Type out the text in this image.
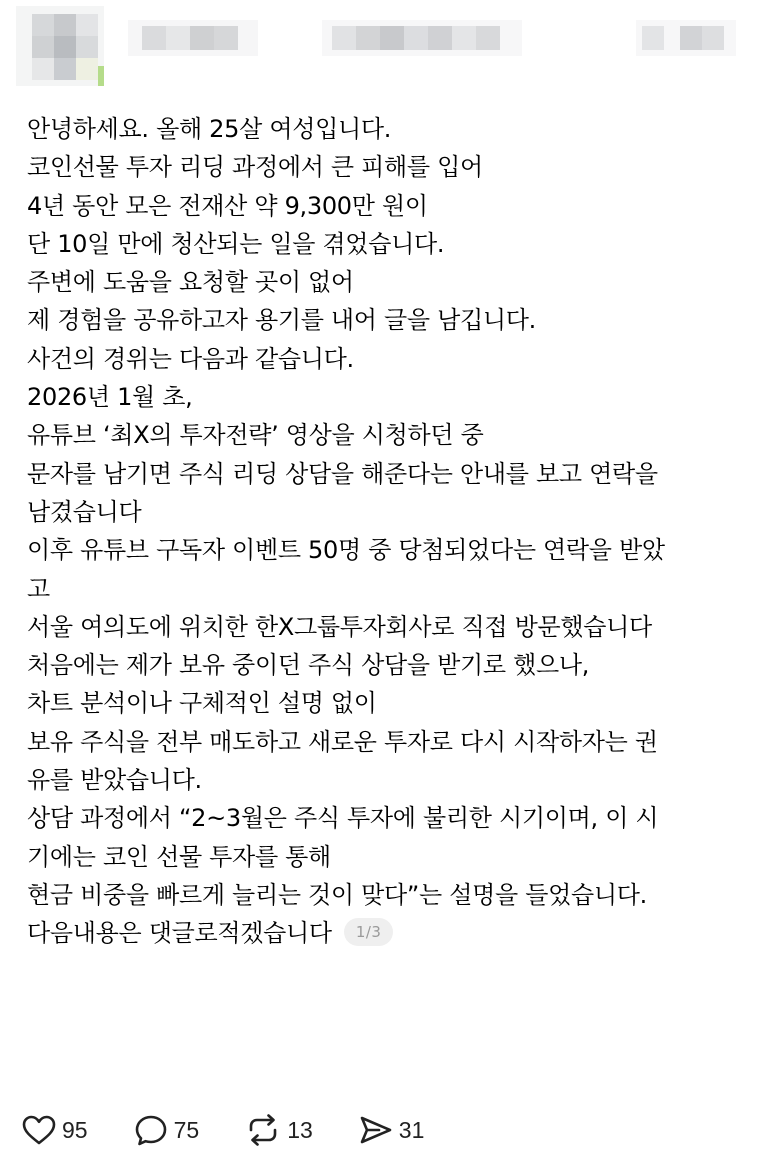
안녕하세요. 올해 25살 여성입니다.
코인선물 투자 리딩 과정에서 큰 피해를 입어
4년 동안 모은 전재산 약 9,300만 원이
단 10일 만에 청산되는 일을 겪었습니다.
주변에 도움을 요청할 곳이 없어
제 경험을 공유하고자 용기를 내어 글을 남깁니다.
사건의 경위는 다음과 같습니다.
2026년 1월 초,
유튜브 ‘최X의 투자전략’ 영상을 시청하던 중
문자를 남기면 주식 리딩 상담을 해준다는 안내를 보고 연락을
남겼습니다
이후 유튜브 구독자 이벤트 50명 중 당첨되었다는 연락을 받았
고
서울 여의도에 위치한 한X그룹투자회사로 직접 방문했습니다
처음에는 제가 보유 중이던 주식 상담을 받기로 했으나,
차트 분석이나 구체적인 설명 없이
보유 주식을 전부 매도하고 새로운 투자로 다시 시작하자는 권
유를 받았습니다.
상담 과정에서 “2~3월은 주식 투자에 불리한 시기이며, 이 시
기에는 코인 선물 투자를 통해
현금 비중을 빠르게 늘리는 것이 맞다”는 설명을 들었습니다.
다음내용은 댓글로적겠습니다 1/3
95	75	13	31
